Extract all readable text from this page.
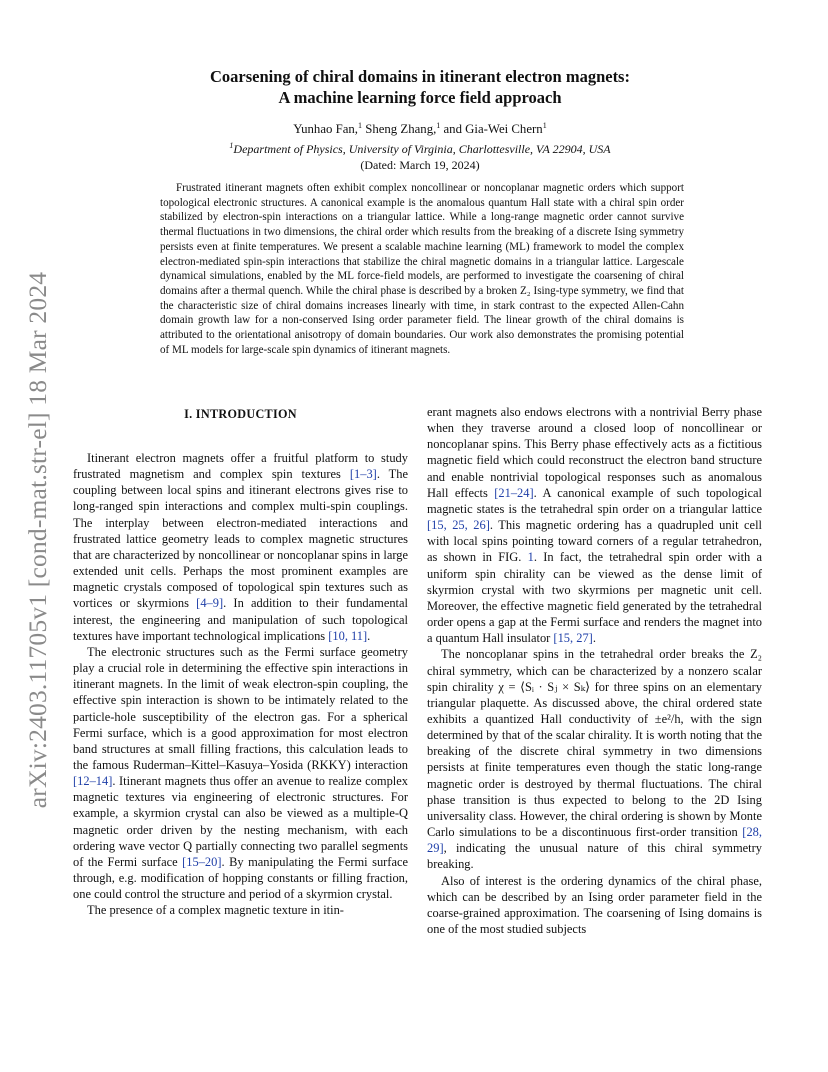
arXiv:2403.11705v1 [cond-mat.str-el] 18 Mar 2024
Coarsening of chiral domains in itinerant electron magnets:
A machine learning force field approach
Yunhao Fan,$^1$ Sheng Zhang,$^1$ and Gia-Wei Chern$^1$
$^1$Department of Physics, University of Virginia, Charlottesville, VA 22904, USA
(Dated: March 19, 2024)

Frustrated itinerant magnets often exhibit complex noncollinear or noncoplanar magnetic orders which support topological electronic structures. A canonical example is the anomalous quantum Hall state with a chiral spin order stabilized by electron-spin interactions on a triangular lattice. While a long-range magnetic order cannot survive thermal fluctuations in two dimensions, the chiral order which results from the breaking of a discrete Ising symmetry persists even at finite temperatures. We present a scalable machine learning (ML) framework to model the complex electron-mediated spin-spin interactions that stabilize the chiral magnetic domains in a triangular lattice. Largescale dynamical simulations, enabled by the ML force-field models, are performed to investigate the coarsening of chiral domains after a thermal quench. While the chiral phase is described by a broken Z₂ Ising-type symmetry, we find that the characteristic size of chiral domains increases linearly with time, in stark contrast to the expected Allen-Cahn domain growth law for a non-conserved Ising order parameter field. The linear growth of the chiral domains is attributed to the orientational anisotropy of domain boundaries. Our work also demonstrates the promising potential of ML models for large-scale spin dynamics of itinerant magnets.

I. INTRODUCTION

Itinerant electron magnets offer a fruitful platform to study frustrated magnetism and complex spin textures [1–3]. The coupling between local spins and itinerant electrons gives rise to long-ranged spin interactions and complex multi-spin couplings. The interplay between electron-mediated interactions and frustrated lattice geometry leads to complex magnetic structures that are characterized by noncollinear or noncoplanar spins in large extended unit cells. Perhaps the most prominent examples are magnetic crystals composed of topological spin textures such as vortices or skyrmions [4–9]. In addition to their fundamental interest, the engineering and manipulation of such topological textures have important technological implications [10, 11].

The electronic structures such as the Fermi surface geometry play a crucial role in determining the effective spin interactions in itinerant magnets. In the limit of weak electron-spin coupling, the effective spin interaction is shown to be intimately related to the particle-hole susceptibility of the electron gas. For a spherical Fermi surface, which is a good approximation for most electron band structures at small filling fractions, this calculation leads to the famous Ruderman–Kittel–Kasuya–Yosida (RKKY) interaction [12–14]. Itinerant magnets thus offer an avenue to realize complex magnetic textures via engineering of electronic structures. For example, a skyrmion crystal can also be viewed as a multiple-Q magnetic order driven by the nesting mechanism, with each ordering wave vector Q partially connecting two parallel segments of the Fermi surface [15–20]. By manipulating the Fermi surface through, e.g. modification of hopping constants or filling fraction, one could control the structure and period of a skyrmion crystal.

The presence of a complex magnetic texture in itin-

erant magnets also endows electrons with a nontrivial Berry phase when they traverse around a closed loop of noncollinear or noncoplanar spins. This Berry phase effectively acts as a fictitious magnetic field which could reconstruct the electron band structure and enable nontrivial topological responses such as anomalous Hall effects [21–24]. A canonical example of such topological magnetic states is the tetrahedral spin order on a triangular lattice [15, 25, 26]. This magnetic ordering has a quadrupled unit cell with local spins pointing toward corners of a regular tetrahedron, as shown in FIG. 1. In fact, the tetrahedral spin order with a uniform spin chirality can be viewed as the dense limit of skyrmion crystal with two skyrmions per magnetic unit cell. Moreover, the effective magnetic field generated by the tetrahedral order opens a gap at the Fermi surface and renders the magnet into a quantum Hall insulator [15, 27].

The noncoplanar spins in the tetrahedral order breaks the Z₂ chiral symmetry, which can be characterized by a nonzero scalar spin chirality χ = ⟨Sᵢ · Sⱼ × Sₖ⟩ for three spins on an elementary triangular plaquette. As discussed above, the chiral ordered state exhibits a quantized Hall conductivity of ±e²/h, with the sign determined by that of the scalar chirality. It is worth noting that the breaking of the discrete chiral symmetry in two dimensions persists at finite temperatures even though the static long-range magnetic order is destroyed by thermal fluctuations. The chiral phase transition is thus expected to belong to the 2D Ising universality class. However, the chiral ordering is shown by Monte Carlo simulations to be a discontinuous first-order transition [28, 29], indicating the unusual nature of this chiral symmetry breaking.

Also of interest is the ordering dynamics of the chiral phase, which can be described by an Ising order parameter field in the coarse-grained approximation. The coarsening of Ising domains is one of the most studied subjects
